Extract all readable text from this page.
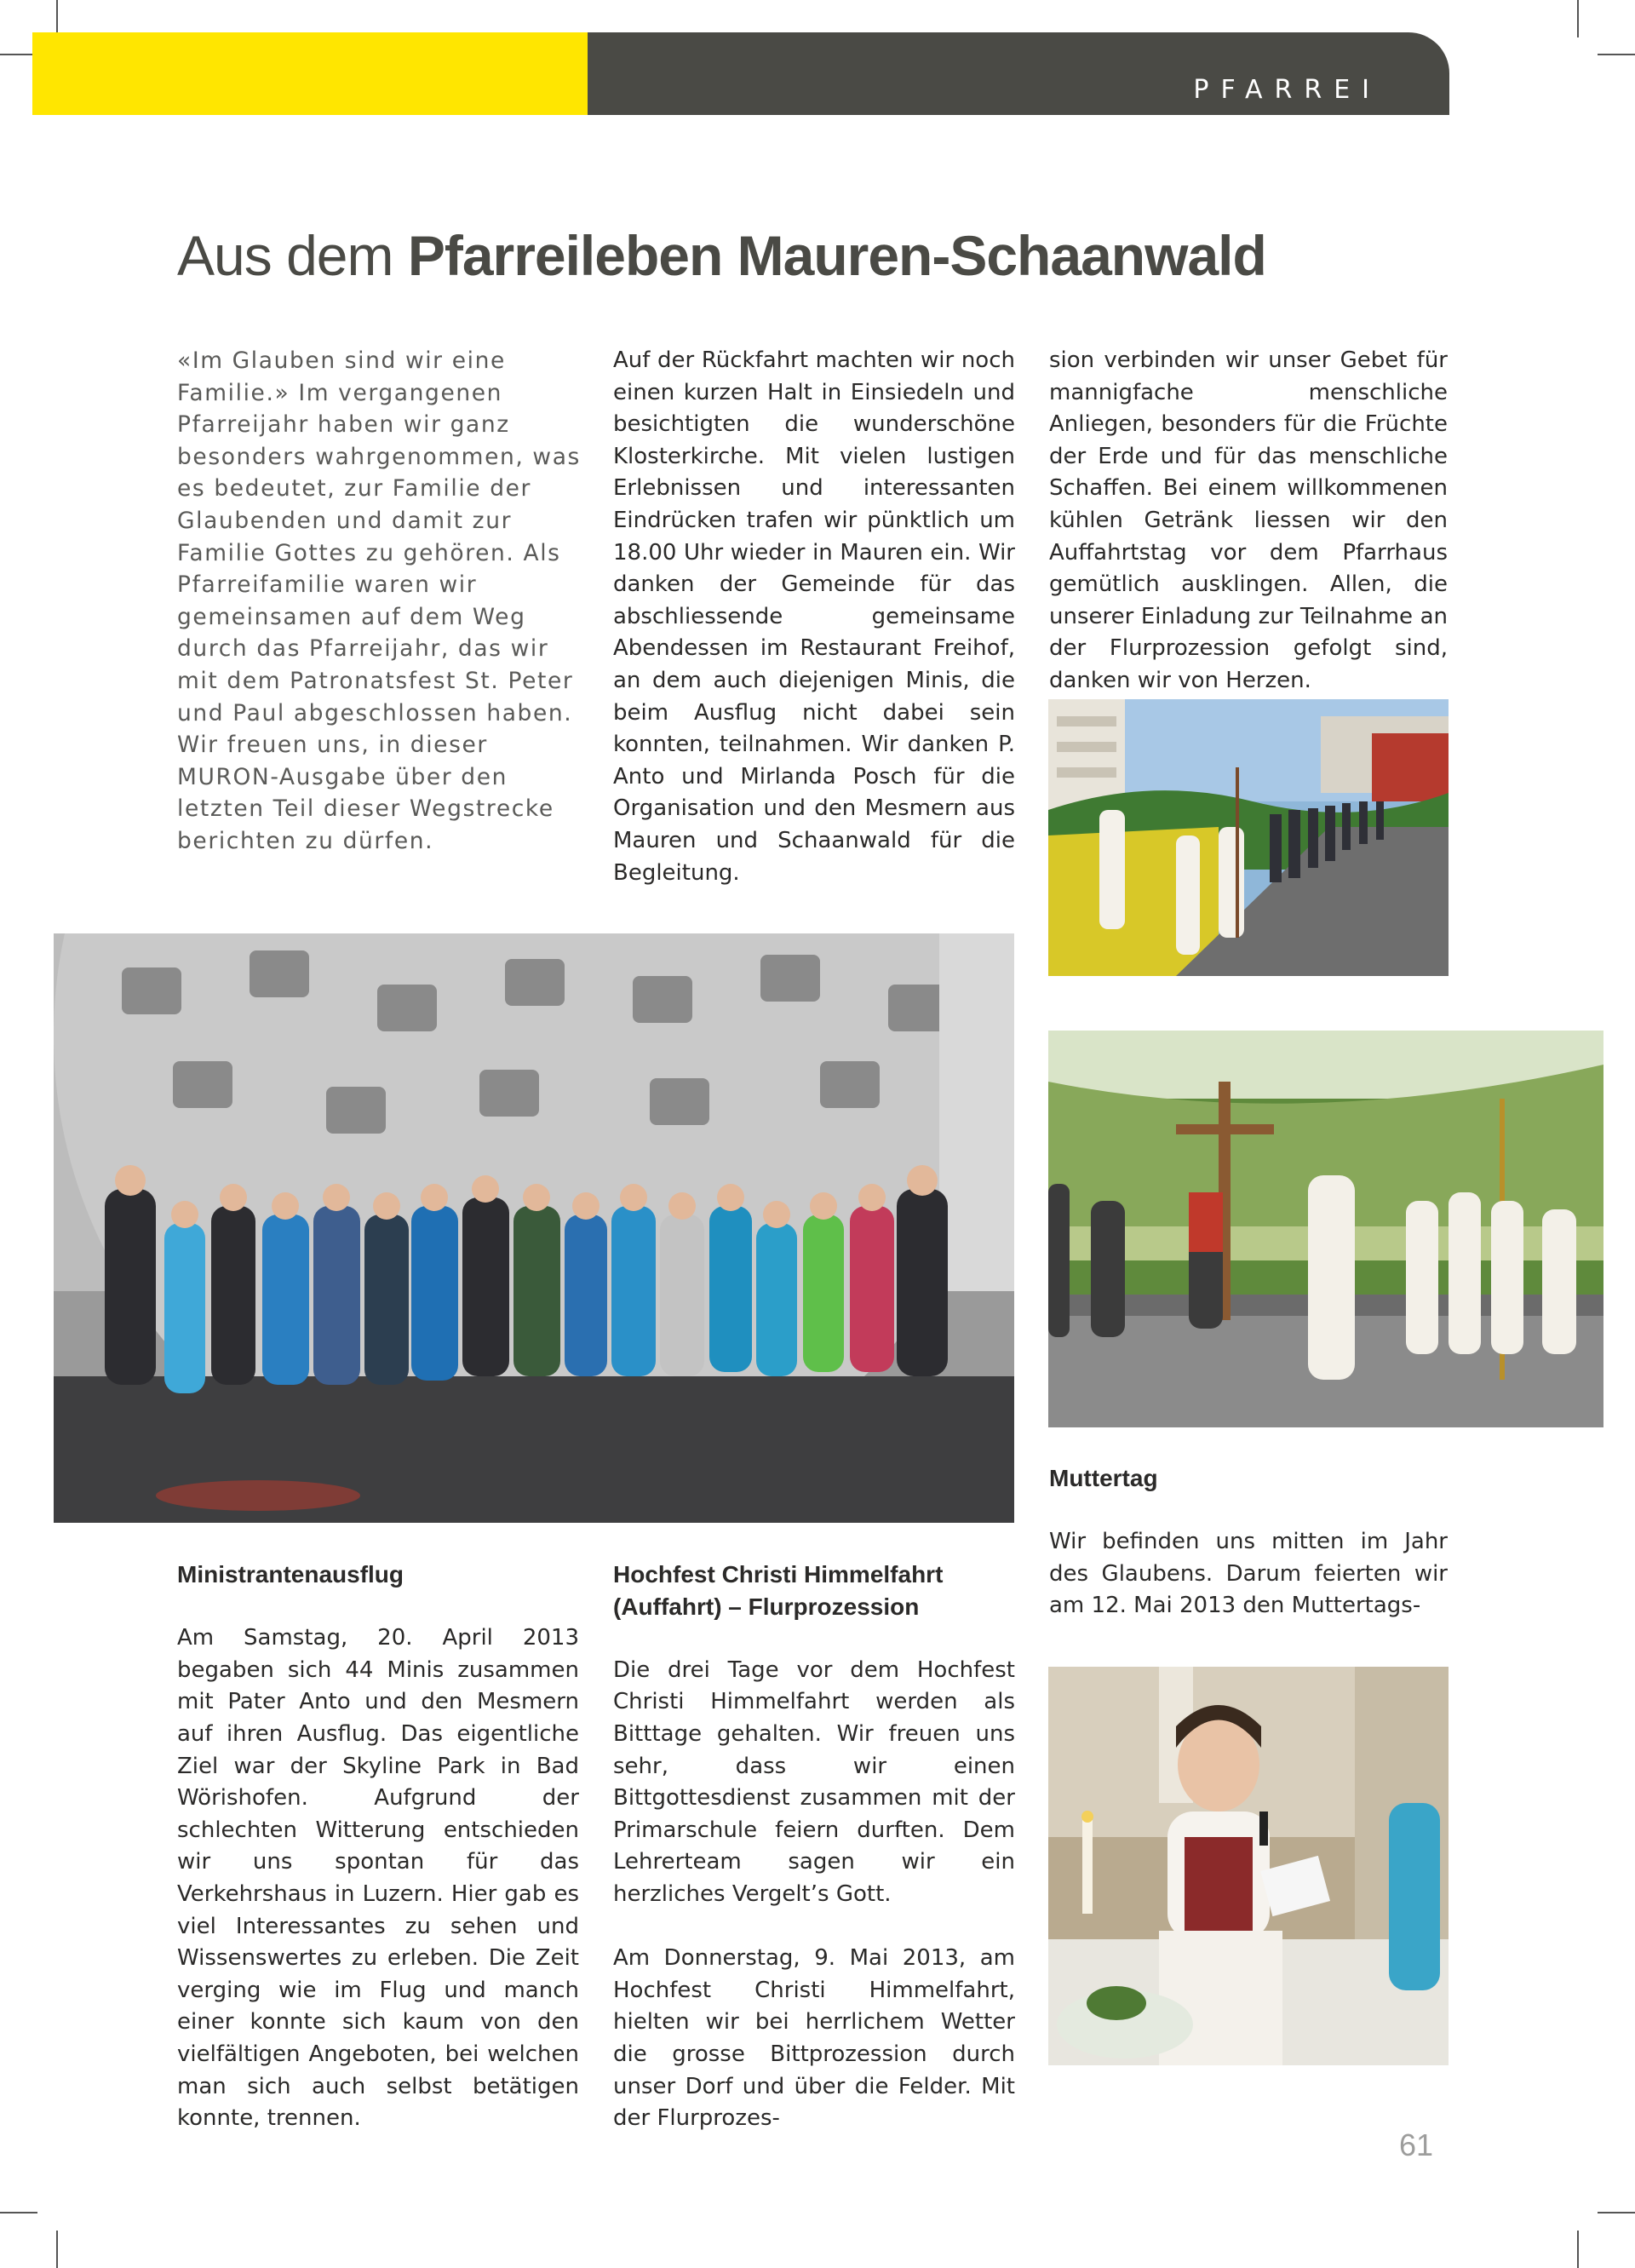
PFARREI
Aus dem Pfarreileben Mauren-Schaanwald

«Im Glauben sind wir eine Familie.» Im vergangenen Pfarreijahr haben wir ganz besonders wahrgenommen, was es bedeutet, zur Familie der Glaubenden und damit zur Familie Gottes zu gehören. Als Pfarreifamilie waren wir gemeinsamen auf dem Weg durch das Pfarreijahr, das wir mit dem Patronatsfest St. Peter und Paul abgeschlossen haben. Wir freuen uns, in dieser MURON-Ausgabe über den letzten Teil dieser Wegstrecke berichten zu dürfen.

Auf der Rückfahrt machten wir noch einen kurzen Halt in Einsiedeln und besichtigten die wunderschöne Klosterkirche. Mit vielen lustigen Erlebnissen und interessanten Eindrücken trafen wir pünktlich um 18.00 Uhr wieder in Mauren ein. Wir danken der Gemeinde für das abschliessende gemeinsame Abendessen im Restaurant Freihof, an dem auch diejenigen Minis, die beim Ausflug nicht dabei sein konnten, teilnahmen. Wir danken P. Anto und Mirlanda Posch für die Organisation und den Mesmern aus Mauren und Schaanwald für die Begleitung.

sion verbinden wir unser Gebet für mannigfache menschliche Anliegen, besonders für die Früchte der Erde und für das menschliche Schaffen. Bei einem willkommenen kühlen Getränk liessen wir den Auffahrtstag vor dem Pfarrhaus gemütlich ausklingen. Allen, die unserer Einladung zur Teilnahme an der Flurprozession gefolgt sind, danken wir von Herzen.

Muttertag

Wir befinden uns mitten im Jahr des Glaubens. Darum feierten wir am 12. Mai 2013 den Muttertags-

Ministrantenausflug

Am Samstag, 20. April 2013 begaben sich 44 Minis zusammen mit Pater Anto und den Mesmern auf ihren Ausflug. Das eigentliche Ziel war der Skyline Park in Bad Wörishofen. Aufgrund der schlechten Witterung entschieden wir uns spontan für das Verkehrshaus in Luzern. Hier gab es viel Interessantes zu sehen und Wissenswertes zu erleben. Die Zeit verging wie im Flug und manch einer konnte sich kaum von den vielfältigen Angeboten, bei welchen man sich auch selbst betätigen konnte, trennen.

Hochfest Christi Himmelfahrt (Auffahrt) – Flurprozession

Die drei Tage vor dem Hochfest Christi Himmelfahrt werden als Bitttage gehalten. Wir freuen uns sehr, dass wir einen Bittgottesdienst zusammen mit der Primarschule feiern durften. Dem Lehrerteam sagen wir ein herzliches Vergelt’s Gott.

Am Donnerstag, 9. Mai 2013, am Hochfest Christi Himmelfahrt, hielten wir bei herrlichem Wetter die grosse Bittprozession durch unser Dorf und über die Felder. Mit der Flurprozes-

61
